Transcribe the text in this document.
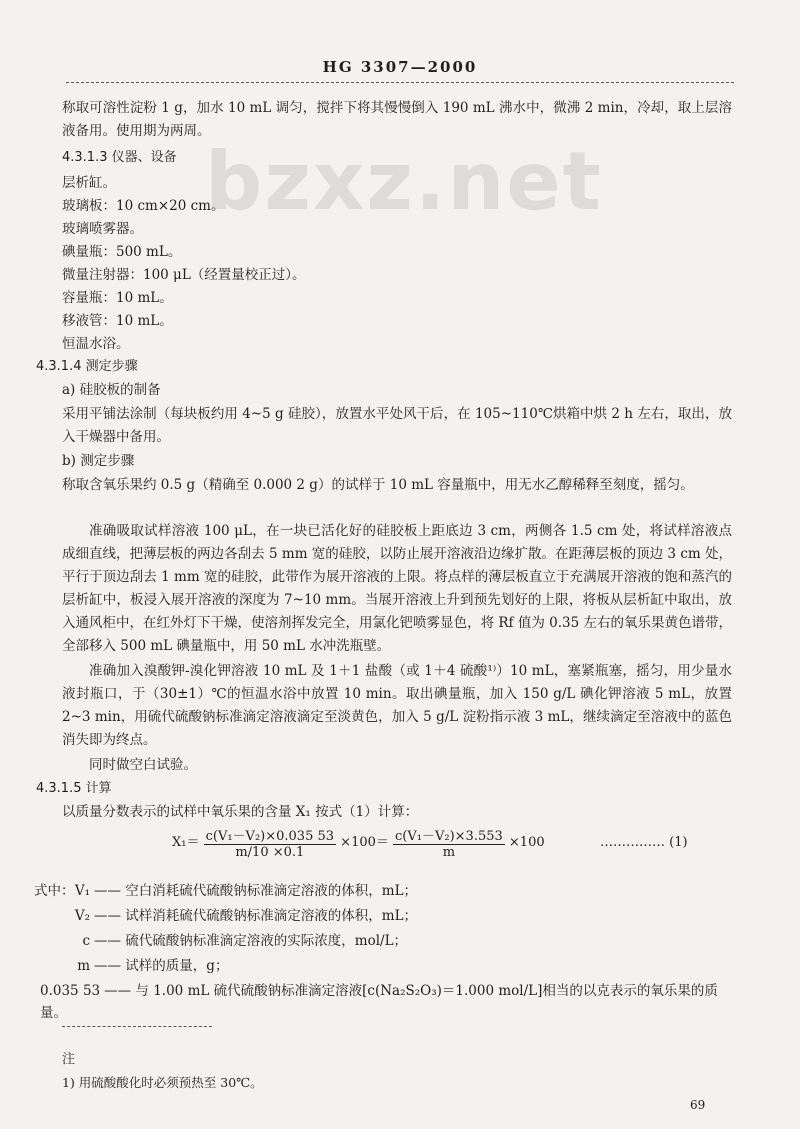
HG 3307—2000
bzxz.net
称取可溶性淀粉 1 g，加水 10 mL 调匀，搅拌下将其慢慢倒入 190 mL 沸水中，微沸 2 min，冷却，取上层溶液备用。使用期为两周。
4.3.1.3 仪器、设备
层析缸。
玻璃板：10 cm×20 cm。
玻璃喷雾器。
碘量瓶：500 mL。
微量注射器：100 μL（经置量校正过）。
容量瓶：10 mL。
移液管：10 mL。
恒温水浴。
4.3.1.4 测定步骤
a) 硅胶板的制备
采用平铺法涂制（每块板约用 4~5 g 硅胶），放置水平处风干后，在 105~110℃烘箱中烘 2 h 左右，取出，放入干燥器中备用。
b) 测定步骤
称取含氧乐果约 0.5 g（精确至 0.000 2 g）的试样于 10 mL 容量瓶中，用无水乙醇稀释至刻度，摇匀。
准确吸取试样溶液 100 μL，在一块已活化好的硅胶板上距底边 3 cm，两侧各 1.5 cm 处，将试样溶液点成细直线，把薄层板的两边各刮去 5 mm 宽的硅胶，以防止展开溶液沿边缘扩散。在距薄层板的顶边 3 cm 处，平行于顶边刮去 1 mm 宽的硅胶，此带作为展开溶液的上限。将点样的薄层板直立于充满展开溶液的饱和蒸汽的层析缸中，板浸入展开溶液的深度为 7~10 mm。当展开溶液上升到预先划好的上限，将板从层析缸中取出，放入通风柜中，在红外灯下干燥，使溶剂挥发完全，用氯化钯喷雾显色，将 Rf 值为 0.35 左右的氧乐果黄色谱带，全部移入 500 mL 碘量瓶中，用 50 mL 水冲洗瓶壁。
准确加入溴酸钾-溴化钾溶液 10 mL 及 1＋1 盐酸（或 1＋4 硫酸¹⁾）10 mL，塞紧瓶塞，摇匀，用少量水液封瓶口，于（30±1）℃的恒温水浴中放置 10 min。取出碘量瓶，加入 150 g/L 碘化钾溶液 5 mL，放置 2~3 min，用硫代硫酸钠标准滴定溶液滴定至淡黄色，加入 5 g/L 淀粉指示液 3 mL，继续滴定至溶液中的蓝色消失即为终点。
同时做空白试验。
4.3.1.5 计算
以质量分数表示的试样中氧乐果的含量 X₁ 按式（1）计算：
$X_1= \frac{\text{c(V₁－V₂)×0.035 53}}{m/10 \times 0.1} \times 100= \frac{\text{c(V₁－V₂)×3.553}}{m} \times 100$	…………… (1)
式中： V₁ —— 空白消耗硫代硫酸钠标准滴定溶液的体积，mL；
V₂ —— 试样消耗硫代硫酸钠标准滴定溶液的体积，mL；
c —— 硫代硫酸钠标准滴定溶液的实际浓度，mol/L；
m —— 试样的质量，g；
0.035 53 —— 与 1.00 mL 硫代硫酸钠标准滴定溶液[c(Na₂S₂O₃)＝1.000 mol/L]相当的以克表示的氧乐果的质量。
注
1) 用硫酸酸化时必须预热至 30℃。
69
